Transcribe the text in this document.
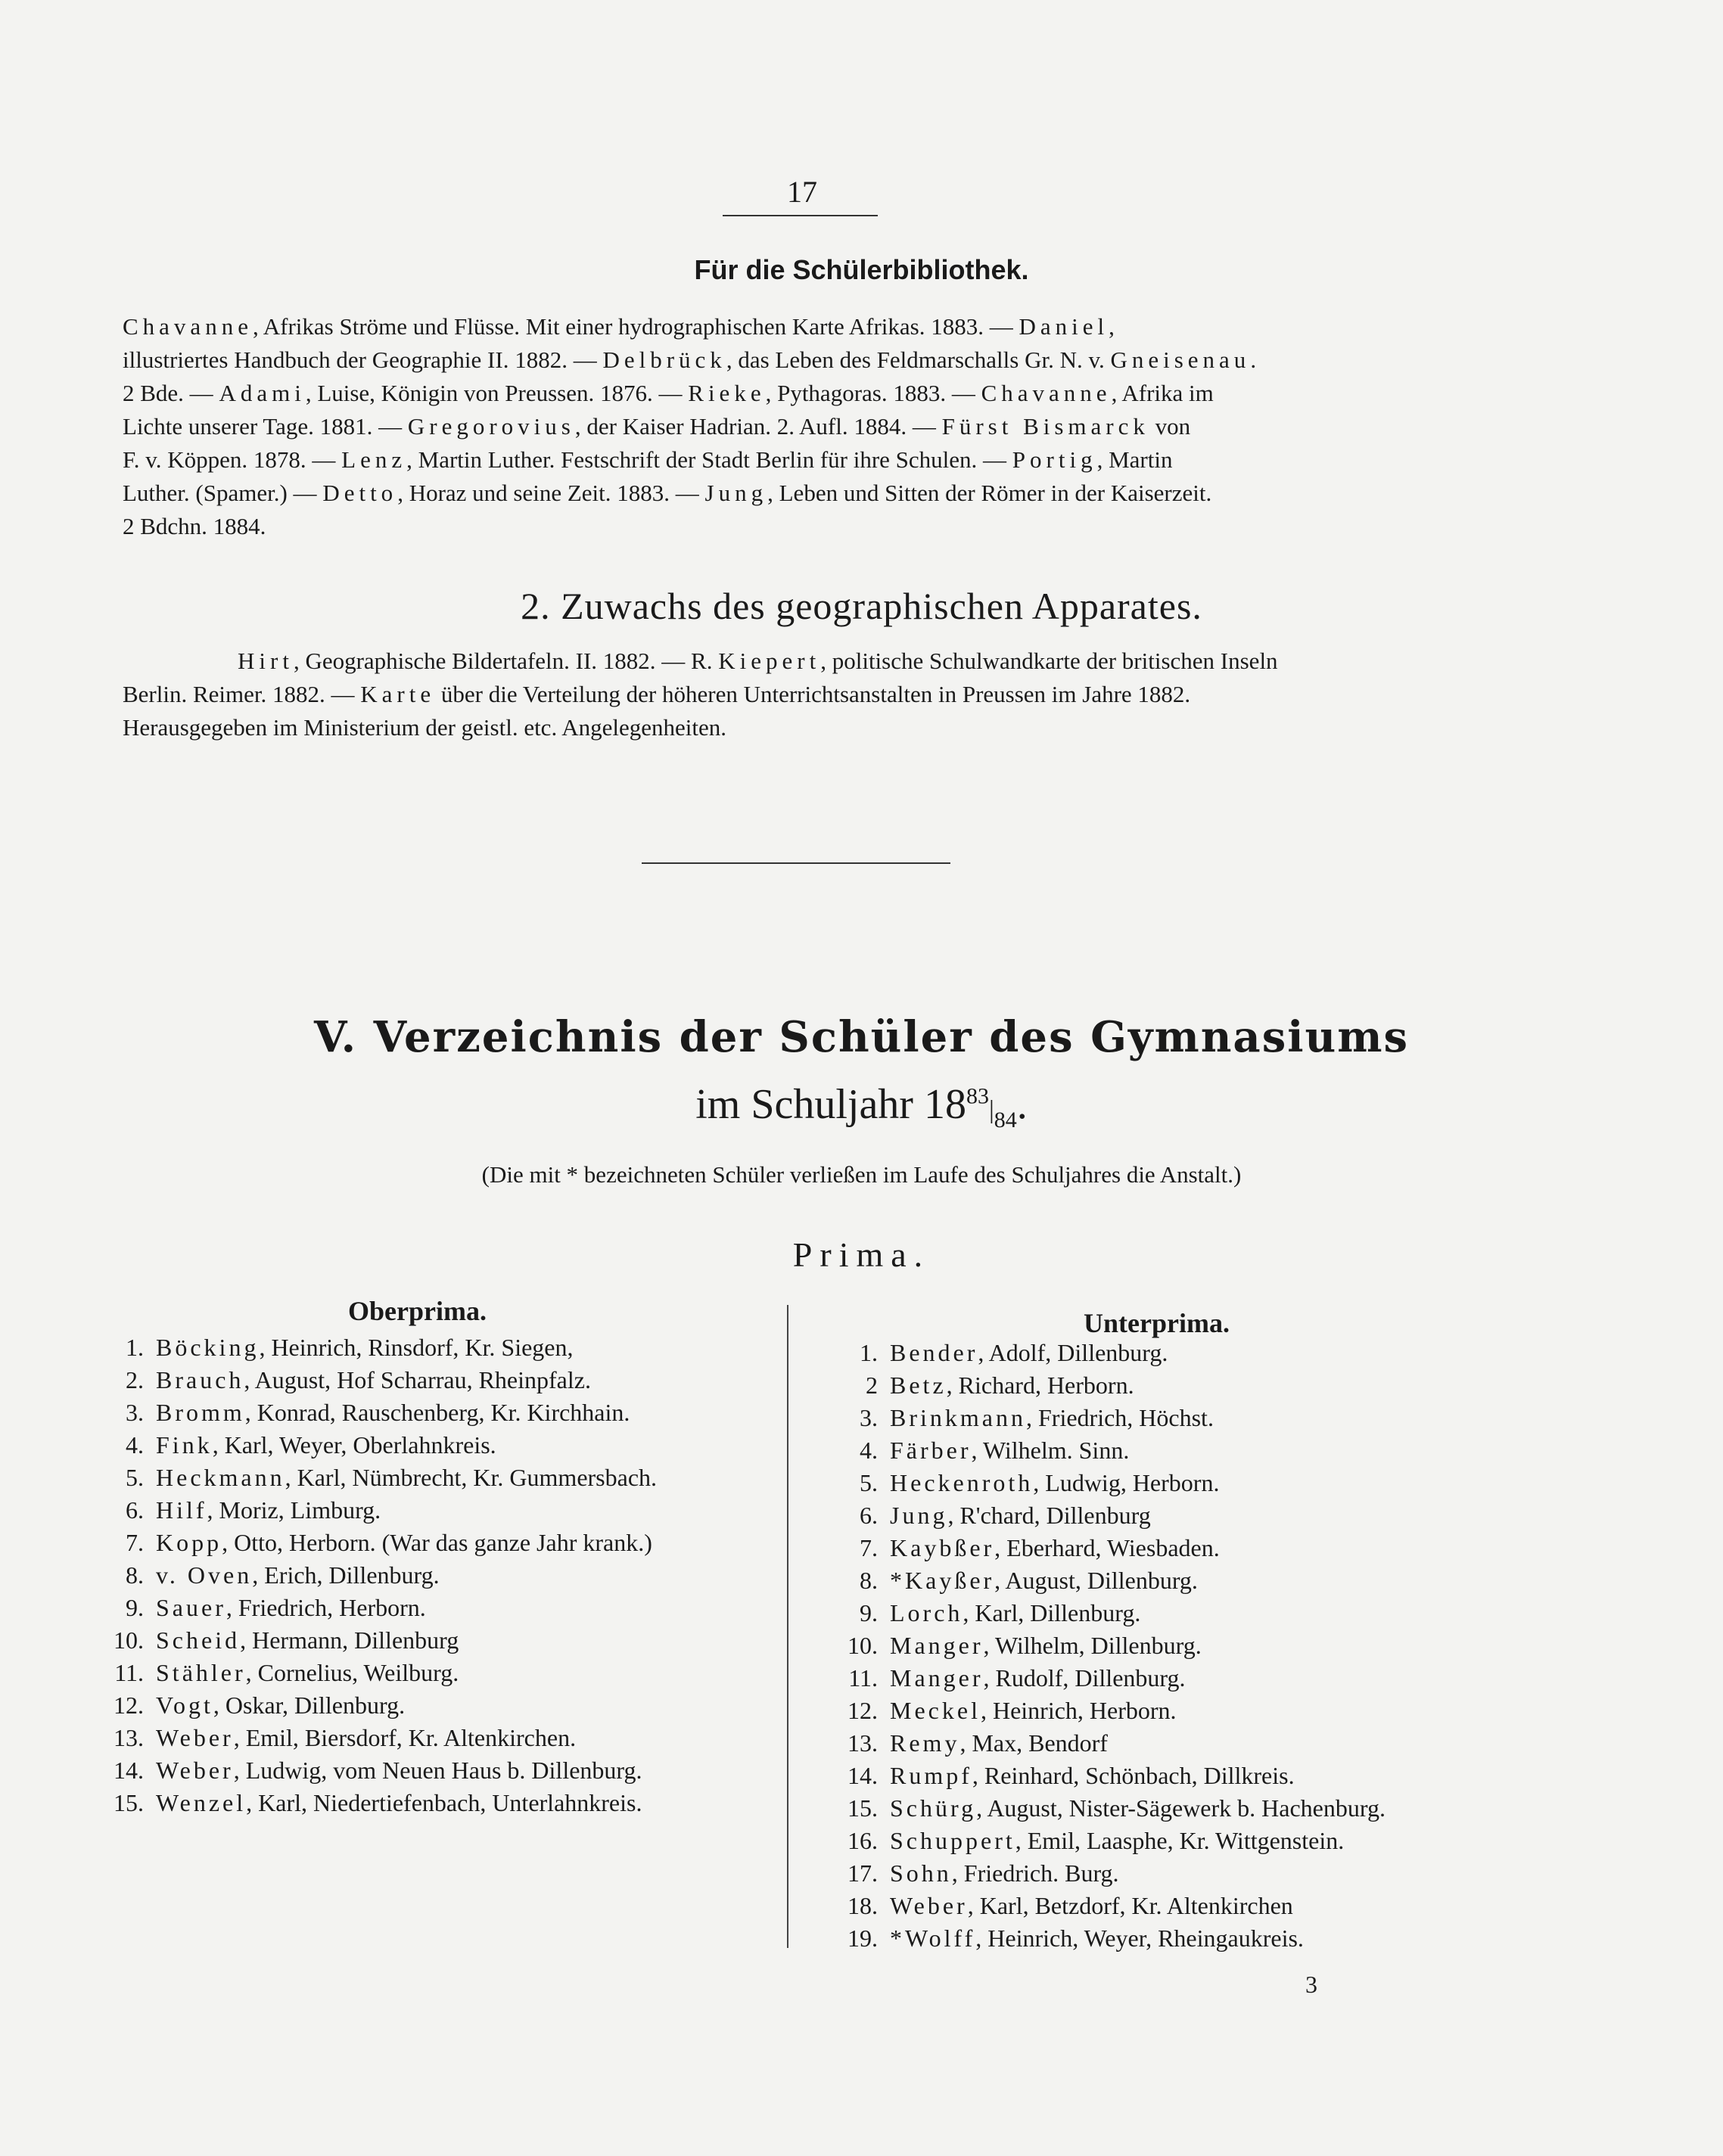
17
Für die Schülerbibliothek.
Chavanne, Afrikas Ströme und Flüsse. Mit einer hydrographischen Karte Afrikas. 1883. — Daniel,
illustriertes Handbuch der Geographie II. 1882. — Delbrück, das Leben des Feldmarschalls Gr. N. v. Gneisenau.
2 Bde. — Adami, Luise, Königin von Preussen. 1876. — Rieke, Pythagoras. 1883. — Chavanne, Afrika im
Lichte unserer Tage. 1881. — Gregorovius, der Kaiser Hadrian. 2. Aufl. 1884. — Fürst Bismarck von
F. v. Köppen. 1878. — Lenz, Martin Luther. Festschrift der Stadt Berlin für ihre Schulen. — Portig, Martin
Luther. (Spamer.) — Detto, Horaz und seine Zeit. 1883. — Jung, Leben und Sitten der Römer in der Kaiserzeit.
2 Bdchn. 1884.
2. Zuwachs des geographischen Apparates.
Hirt, Geographische Bildertafeln. II. 1882. — R. Kiepert, politische Schulwandkarte der britischen Inseln
Berlin. Reimer. 1882. — Karte über die Verteilung der höheren Unterrichtsanstalten in Preussen im Jahre 1882.
Herausgegeben im Ministerium der geistl. etc. Angelegenheiten.
V. Verzeichnis der Schüler des Gymnasiums
im Schuljahr $18^{83}|_{84}$.
(Die mit * bezeichneten Schüler verließen im Laufe des Schuljahres die Anstalt.)
Prima.
Oberprima.
1. Böcking, Heinrich, Rinsdorf, Kr. Siegen,
2. Brauch, August, Hof Scharrau, Rheinpfalz.
3. Bromm, Konrad, Rauschenberg, Kr. Kirchhain.
4. Fink, Karl, Weyer, Oberlahnkreis.
5. Heckmann, Karl, Nümbrecht, Kr. Gummersbach.
6. Hilf, Moriz, Limburg.
7. Kopp, Otto, Herborn. (War das ganze Jahr krank.)
8. v. Oven, Erich, Dillenburg.
9. Sauer, Friedrich, Herborn.
10. Scheid, Hermann, Dillenburg
11. Stähler, Cornelius, Weilburg.
12. Vogt, Oskar, Dillenburg.
13. Weber, Emil, Biersdorf, Kr. Altenkirchen.
14. Weber, Ludwig, vom Neuen Haus b. Dillenburg.
15. Wenzel, Karl, Niedertiefenbach, Unterlahnkreis.
Unterprima.
1. Bender, Adolf, Dillenburg.
2 Betz, Richard, Herborn.
3. Brinkmann, Friedrich, Höchst.
4. Färber, Wilhelm. Sinn.
5. Heckenroth, Ludwig, Herborn.
6. Jung, R'chard, Dillenburg
7. Kaybßer, Eberhard, Wiesbaden.
8. *Kayßer, August, Dillenburg.
9. Lorch, Karl, Dillenburg.
10. Manger, Wilhelm, Dillenburg.
11. Manger, Rudolf, Dillenburg.
12. Meckel, Heinrich, Herborn.
13. Remy, Max, Bendorf
14. Rumpf, Reinhard, Schönbach, Dillkreis.
15. Schürg, August, Nister-Sägewerk b. Hachenburg.
16. Schuppert, Emil, Laasphe, Kr. Wittgenstein.
17. Sohn, Friedrich. Burg.
18. Weber, Karl, Betzdorf, Kr. Altenkirchen
19. *Wolff, Heinrich, Weyer, Rheingaukreis.
3
